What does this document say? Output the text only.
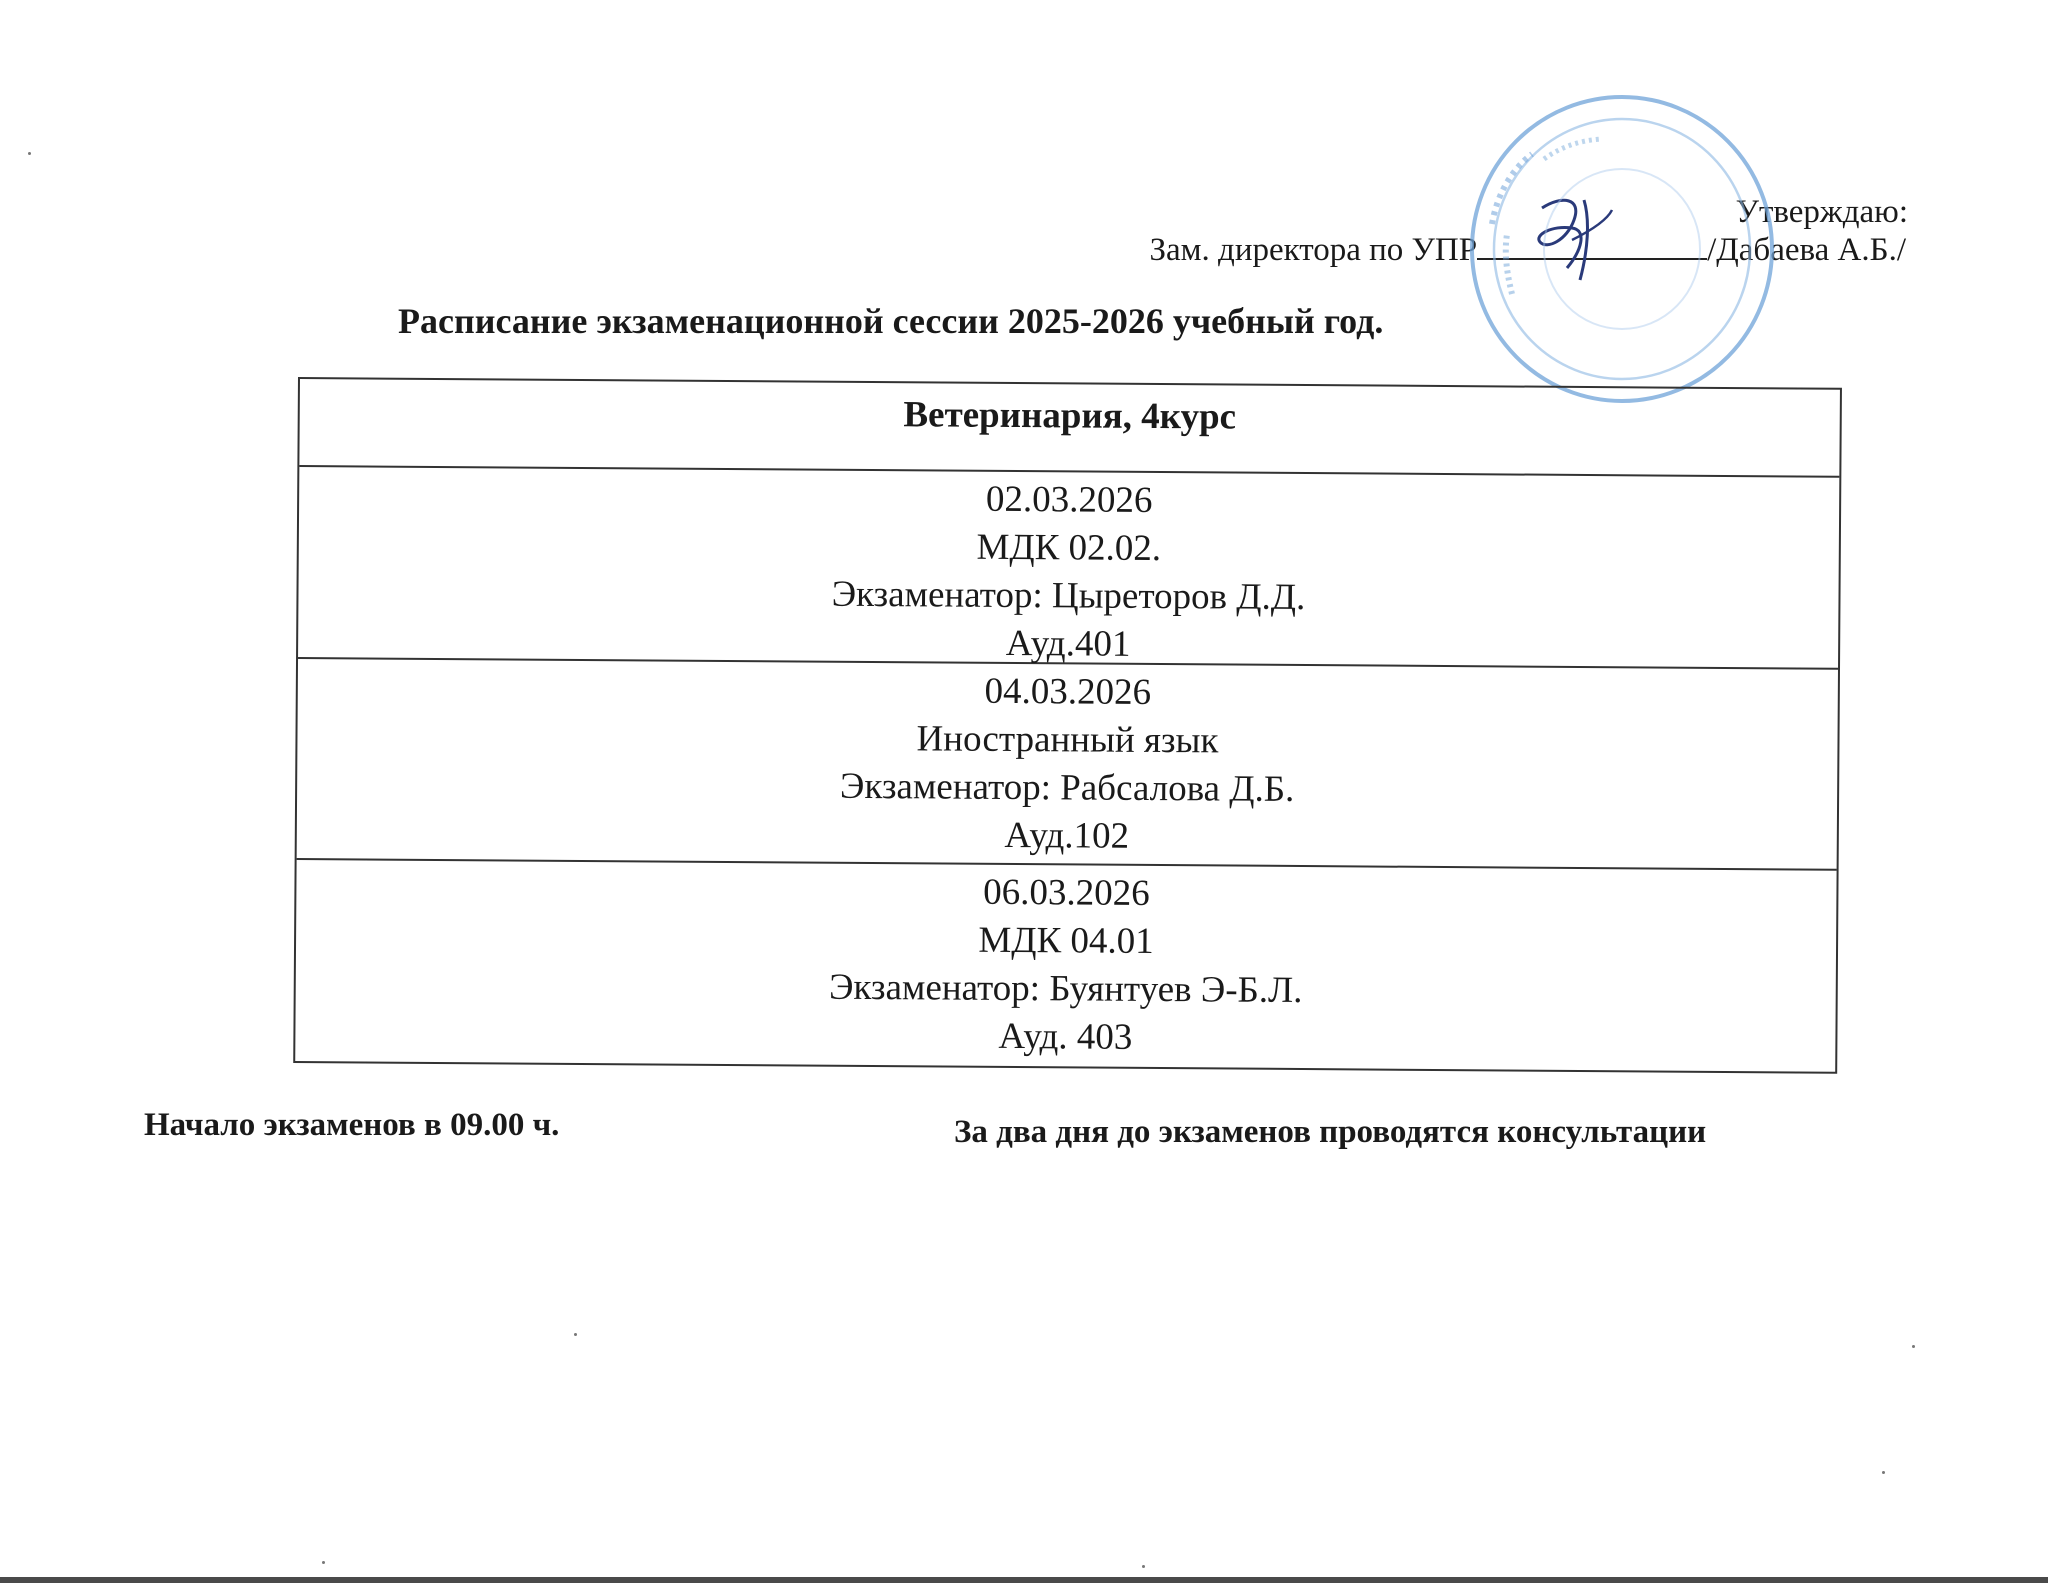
Утверждаю:
Зам. директора по УПР	/Дабаева А.Б./
Расписание экзаменационной сессии 2025-2026 учебный год.
Ветеринария, 4курс
02.03.2026
МДК 02.02.
Экзаменатор: Цыреторов Д.Д.
Ауд.401
04.03.2026
Иностранный язык
Экзаменатор: Рабсалова Д.Б.
Ауд.102
06.03.2026
МДК 04.01
Экзаменатор: Буянтуев Э-Б.Л.
Ауд. 403
Начало экзаменов в 09.00 ч.	За два дня до экзаменов проводятся консультации
